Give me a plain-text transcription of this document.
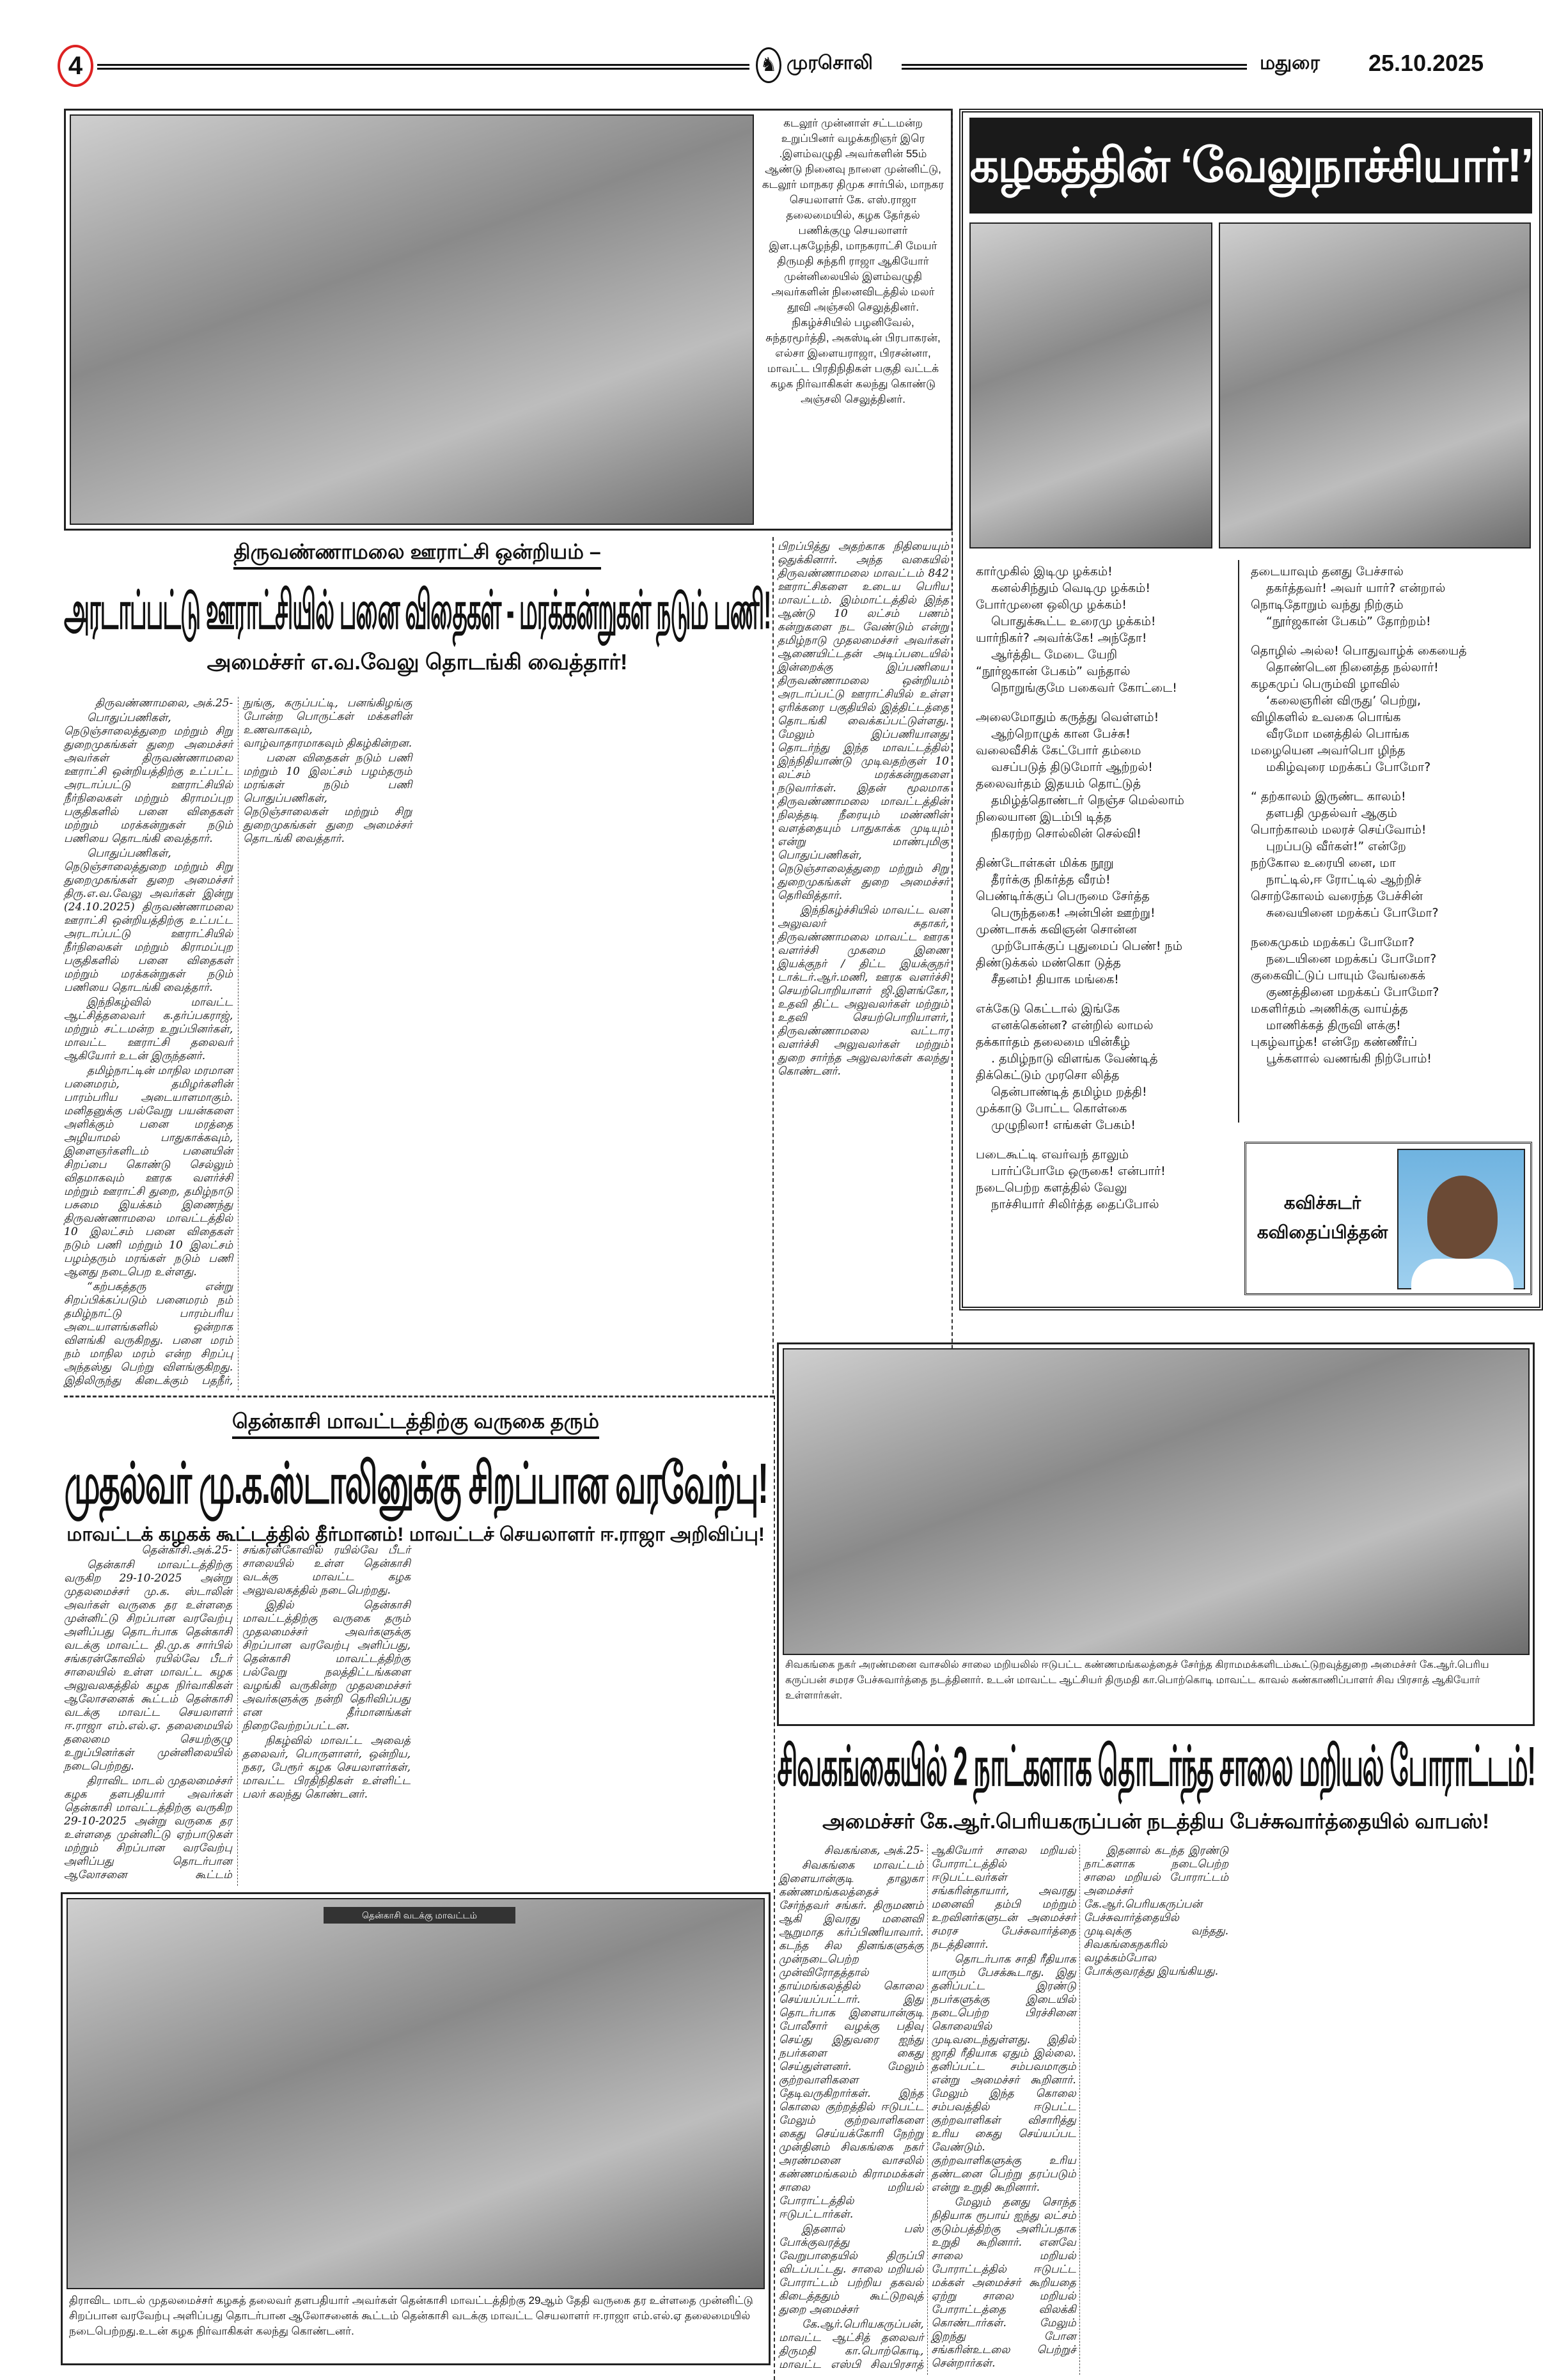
4	♞ முரசொலி	மதுரை 25.10.2025
கடலூர் முன்னாள் சட்டமன்ற உறுப்பினர் வழக்கறிஞர் இரெ .இளம்வழுதி அவர்களின் 55ம் ஆண்டு நினைவு நாளை முன்னிட்டு, கடலூர் மாநகர திமுக சார்பில், மாநகர செயலாளர் கே. எஸ்.ராஜா தலைமையில், கழக தேர்தல் பணிக்குழு செயலாளர் இள.புகழேந்தி, மாநகராட்சி மேயர் திருமதி சுந்தரி ராஜா ஆகியோர் முன்னிலையில் இளம்வழுதி அவர்களின் நினைவிடத்தில் மலர் தூவி அஞ்சலி செலுத்தினர். நிகழ்ச்சியில் பழனிவேல், சுந்தரமூர்த்தி, அகஸ்டின் பிரபாகரன், எல்சா இளையராஜா, பிரசன்னா, மாவட்ட பிரதிநிதிகள் பகுதி வட்டக் கழக நிர்வாகிகள் கலந்து கொண்டு அஞ்சலி செலுத்தினர்.
திருவண்ணாமலை ஊராட்சி ஒன்றியம் –
அரடாப்பட்டு ஊராட்சியில் பனை விதைகள் - மரக்கன்றுகள் நடும் பணி!
அமைச்சர் எ.வ.வேலு தொடங்கி வைத்தார்!

திருவண்ணாமலை, அக்.25-

பொதுப்பணிகள், நெடுஞ்சாலைத்துறை மற்றும் சிறு துறைமுகங்கள் துறை அமைச்சர் அவர்கள் திருவண்ணாமலை ஊராட்சி ஒன்றியத்திற்கு உட்பட்ட அரடாப்பட்டு ஊராட்சியில் நீர்நிலைகள் மற்றும் கிராமப்புற பகுதிகளில் பனை விதைகள் மற்றும் மரக்கன்றுகள் நடும் பணியை தொடங்கி வைத்தார்.

பொதுப்பணிகள், நெடுஞ்சாலைத்துறை மற்றும் சிறு துறைமுகங்கள் துறை அமைச்சர் திரு.எ.வ.வேலு அவர்கள் இன்று (24.10.2025) திருவண்ணாமலை ஊராட்சி ஒன்றியத்திற்கு உட்பட்ட அரடாப்பட்டு ஊராட்சியில் நீர்நிலைகள் மற்றும் கிராமப்புற பகுதிகளில் பனை விதைகள் மற்றும் மரக்கன்றுகள் நடும் பணியை தொடங்கி வைத்தார்.

இந்நிகழ்வில் மாவட்ட ஆட்சித்தலைவர் க.தர்ப்பகராஜ், மற்றும் சட்டமன்ற உறுப்பினர்கள், மாவட்ட ஊராட்சி தலைவர் ஆகியோர் உடன் இருந்தனர்.

தமிழ்நாட்டின் மாநில மரமான பனைமரம், தமிழர்களின் பாரம்பரிய அடையாளமாகும். மனிதனுக்கு பல்வேறு பயன்களை அளிக்கும் பனை மரத்தை அழியாமல் பாதுகாக்கவும், இளைஞர்களிடம் பனையின் சிறப்பை கொண்டு செல்லும் விதமாகவும் ஊரக வளர்ச்சி மற்றும் ஊராட்சி துறை, தமிழ்நாடு பசுமை இயக்கம் இணைந்து திருவண்ணாமலை மாவட்டத்தில் 10 இலட்சம் பனை விதைகள் நடும் பணி மற்றும் 10 இலட்சம் பழம்தரும் மரங்கள் நடும் பணி ஆனது நடைபெற உள்ளது.

“கற்பகத்தரு என்று சிறப்பிக்கப்படும் பனைமரம் நம் தமிழ்நாட்டு பாரம்பரிய அடையாளங்களில் ஒன்றாக விளங்கி வருகிறது. பனை மரம் நம் மாநில மரம் என்ற சிறப்பு அந்தஸ்து பெற்று விளங்குகிறது. இதிலிருந்து கிடைக்கும் பதநீர், நுங்கு, கருப்பட்டி, பனங்கிழங்கு போன்ற பொருட்கள் மக்களின் உணவாகவும், வாழ்வாதாரமாகவும் திகழ்கின்றன.

பனை விதைகள் நடும் பணி மற்றும் 10 இலட்சம் பழம்தரும் மரங்கள் நடும் பணி பொதுப்பணிகள், நெடுஞ்சாலைகள் மற்றும் சிறு துறைமுகங்கள் துறை அமைச்சர் தொடங்கி வைத்தார்.

பிறப்பித்து அதற்காக நிதியையும் ஒதுக்கினார். அந்த வகையில் திருவண்ணாமலை மாவட்டம் 842 ஊராட்சிகளை உடைய பெரிய மாவட்டம். இம்மாட்டத்தில் இந்த ஆண்டு 10 லட்சம் பணம் கன்றுகளை நட வேண்டும் என்று தமிழ்நாடு முதலமைச்சர் அவர்கள் ஆணையிட்டதன் அடிப்படையில் இன்றைக்கு இப்பணியை திருவண்ணாமலை ஒன்றியம் அரடாப்பட்டு ஊராட்சியில் உள்ள ஏரிக்கரை பகுதியில் இத்திட்டத்தை தொடங்கி வைக்கப்பட்டுள்ளது. மேலும் இப்பணியானது தொடர்ந்து இந்த மாவட்டத்தில் இந்நிதியாண்டு முடிவதற்குள் 10 லட்சம் மரக்கன்றுகளை நடுவார்கள். இதன் மூலமாக திருவண்ணாமலை மாவட்டத்தின் நிலத்தடி நீரையும் மண்ணின் வளத்தையும் பாதுகாக்க முடியும் என்று மாண்புமிகு பொதுப்பணிகள், நெடுஞ்சாலைத்துறை மற்றும் சிறு துறைமுகங்கள் துறை அமைச்சர் தெரிவித்தார்.

இந்நிகழ்ச்சியில் மாவட்ட வன அலுவலர் சுதாகர், திருவண்ணாமலை மாவட்ட ஊரக வளர்ச்சி முகமை இணை இயக்குநர் / திட்ட இயக்குநர் டாக்டர்.ஆர்.மணி, ஊரக வளர்ச்சி செயற்பொறியாளர் ஜி.இளங்கோ, உதவி திட்ட அலுவலர்கள் மற்றும் உதவி செயற்பொறியாளர், திருவண்ணாமலை வட்டார வளர்ச்சி அலுவலர்கள் மற்றும் துறை சார்ந்த அலுவலர்கள் கலந்து கொண்டனர்.

கழகத்தின் ‘வேலுநாச்சியார்!’
கார்முகில் இடிமு ழக்கம்!
கனல்சிந்தும் வெடிமு ழக்கம்!
போர்முனை ஒலிமு ழக்கம்!
பொதுக்கூட்ட உரைமு ழக்கம்!
யார்நிகர்? அவர்க்கே! அந்தோ!
ஆர்த்திட மேடை யேறி
“நூர்ஜகான் பேகம்” வந்தால்
நொறுங்குமே பகைவர் கோட்டை!
அலைமோதும் கருத்து வெள்ளம்!
ஆற்றொழுக் கான பேச்சு!
வலைவீசிக் கேட்போர் தம்மை
வசப்படுத் திடுமோர் ஆற்றல்!
தலைவர்தம் இதயம் தொட்டுத்
தமிழ்த்தொண்டர் நெஞ்ச மெல்லாம்
நிலையான இடம்பி டித்த
நிகரற்ற சொல்லின் செல்வி!
திண்டோள்கள் மிக்க நூறு
தீரர்க்கு நிகர்த்த வீரம்!
பெண்டிர்க்குப் பெருமை சேர்த்த
பெருந்தகை! அன்பின் ஊற்று!
முண்டாசுக் கவிஞன் சொன்ன
முற்போக்குப் புதுமைப் பெண்! நம்
திண்டுக்கல் மண்கொ டுத்த
சீதனம்! தியாக மங்கை!
எக்கேடு கெட்டால் இங்கே
எனக்கென்ன? என்றில் லாமல்
தக்கார்தம் தலைமை யின்கீழ்
. தமிழ்நாடு விளங்க வேண்டித்
திக்கெட்டும் முரசொ லித்த
தென்பாண்டித் தமிழ்ம றத்தி!
முக்காடு போட்ட கொள்கை
முழுநிலா! எங்கள் பேகம்!
படைகூட்டி எவர்வந் தாலும்
பார்ப்போமே ஒருகை! என்பார்!
நடைபெற்ற களத்தில் வேலு
நாச்சியார் சிலிர்த்த தைப்போல்
தடையாவும் தனது பேச்சால்
தகர்த்தவர்! அவர் யார்? என்றால்
நொடிதோறும் வந்து நிற்கும்
“நூர்ஜகான் பேகம்” தோற்றம்!
தொழில் அல்ல! பொதுவாழ்க் கையைத்
தொண்டென நினைத்த நல்லார்!
கழகமுப் பெரும்வி ழாவில்
‘கலைஞரின் விருது’ பெற்று,
விழிகளில் உவகை பொங்க
வீரமோ மனத்தில் பொங்க
மழையென அவர்பொ ழிந்த
மகிழ்வுரை மறக்கப் போமோ?
“ தற்காலம் இருண்ட காலம்!
தளபதி முதல்வர் ஆகும்
பொற்காலம் மலரச் செய்வோம்!
புறப்படு வீர்கள்!” என்றே
நற்கோல உரையி னை, மா
நாட்டில்,ஈ ரோட்டில் ஆற்றிச்
சொற்கோலம் வரைந்த பேச்சின்
சுவையினை மறக்கப் போமோ?
நகைமுகம் மறக்கப் போமோ?
நடையினை மறக்கப் போமோ?
குகைவிட்டுப் பாயும் வேங்கைக்
குணத்தினை மறக்கப் போமோ?
மகளிர்தம் அணிக்கு வாய்த்த
மாணிக்கத் திருவி ளக்கு!
புகழ்வாழ்க! என்றே கண்ணீர்ப்
பூக்களால் வணங்கி நிற்போம்!
கவிச்சுடர்
கவிதைப்பித்தன்
தென்காசி மாவட்டத்திற்கு வருகை தரும்
முதல்வர் மு.க.ஸ்டாலினுக்கு சிறப்பான வரவேற்பு!
மாவட்டக் கழகக் கூட்டத்தில் தீர்மானம்! மாவட்டச் செயலாளர் ஈ.ராஜா அறிவிப்பு!

தென்காசி.அக்.25-

தென்காசி மாவட்டத்திற்கு வருகிற 29-10-2025 அன்று முதலமைச்சர் மு.க. ஸ்டாலின் அவர்கள் வருகை தர உள்ளதை முன்னிட்டு சிறப்பான வரவேற்பு அளிப்பது தொடர்பாக தென்காசி வடக்கு மாவட்ட தி.மு.க சார்பில் சங்கரன்கோவில் ரயில்வே பீடர் சாலையில் உள்ள மாவட்ட கழக அலுவலகத்தில் கழக நிர்வாகிகள் ஆலோசனைக் கூட்டம் தென்காசி வடக்கு மாவட்ட செயலாளர் ஈ.ராஜா எம்.எல்.ஏ. தலைமையில் தலைமை செயற்குழு உறுப்பினர்கள் முன்னிலையில் நடைபெற்றது.

திராவிட மாடல் முதலமைச்சர் கழக தளபதியார் அவர்கள் தென்காசி மாவட்டத்திற்கு வருகிற 29-10-2025 அன்று வருகை தர உள்ளதை முன்னிட்டு ஏற்பாடுகள் மற்றும் சிறப்பான வரவேற்பு அளிப்பது தொடர்பான ஆலோசனை கூட்டம் சங்கரன்கோவில் ரயில்வே பீடர் சாலையில் உள்ள தென்காசி வடக்கு மாவட்ட கழக அலுவலகத்தில் நடைபெற்றது.

இதில் தென்காசி மாவட்டத்திற்கு வருகை தரும் முதலமைச்சர் அவர்களுக்கு சிறப்பான வரவேற்பு அளிப்பது, தென்காசி மாவட்டத்திற்கு பல்வேறு நலத்திட்டங்களை வழங்கி வருகின்ற முதலமைச்சர் அவர்களுக்கு நன்றி தெரிவிப்பது என தீர்மானங்கள் நிறைவேற்றப்பட்டன.

நிகழ்வில் மாவட்ட அவைத் தலைவர், பொருளாளர், ஒன்றிய, நகர, பேரூர் கழக செயலாளர்கள், மாவட்ட பிரதிநிதிகள் உள்ளிட்ட பலர் கலந்து கொண்டனர்.

தென்காசி வடக்கு மாவட்டம்
திராவிட மாடல் முதலமைச்சர் கழகத் தலைவர் தளபதியார் அவர்கள் தென்காசி மாவட்டத்திற்கு 29ஆம் தேதி வருகை தர உள்ளதை முன்னிட்டு சிறப்பான வரவேற்பு அளிப்பது தொடர்பான ஆலோசனைக் கூட்டம் தென்காசி வடக்கு மாவட்ட செயலாளர் ஈ.ராஜா எம்.எல்.ஏ தலைமையில் நடைபெற்றது.உடன் கழக நிர்வாகிகள் கலந்து கொண்டனர்.
சிவகங்கை நகர் அரண்மனை வாசலில் சாலை மறியலில் ஈடுபட்ட கண்ணமங்கலத்தைச் சேர்ந்த கிராமமக்களிடம்கூட்டுறவுத்துறை அமைச்சர் கே.ஆர்.பெரிய கருப்பன் சமரச பேச்சுவார்த்தை நடத்தினார். உடன் மாவட்ட ஆட்சியர் திருமதி கா.பொற்கொடி மாவட்ட காவல் கண்காணிப்பாளர் சிவ பிரசாத் ஆகியோர் உள்ளார்கள்.
சிவகங்கையில் 2 நாட்களாக தொடர்ந்த சாலை மறியல் போராட்டம்!
அமைச்சர் கே.ஆர்.பெரியகருப்பன் நடத்திய பேச்சுவார்த்தையில் வாபஸ்!

சிவகங்கை, அக்.25-

சிவகங்கை மாவட்டம் இளையான்குடி தாலுகா கண்ணமங்கலத்தைச் சேர்ந்தவர் சங்கர். திருமணம் ஆகி இவரது மனைவி ஆறுமாத கர்ப்பிணியாவார். கடந்த சில தினங்களுக்கு முன்நடைபெற்ற முன்விரோதத்தால் தாய்மங்கலத்தில் கொலை செய்யப்பட்டார். இது தொடர்பாக இளையான்குடி போலீசார் வழக்கு பதிவு செய்து இதுவரை ஐந்து நபர்களை கைது செய்துள்ளனர். மேலும் குற்றவாளிகளை தேடிவருகிறார்கள். இந்த கொலை குற்றத்தில் ஈடுபட்ட மேலும் குற்றவாளிகளை கைது செய்யக்கோரி நேற்று முன்தினம் சிவகங்கை நகர் அரண்மனை வாசலில் கண்ணமங்கலம் கிராமமக்கள் சாலை மறியல் போராட்டத்தில் ஈடுபட்டார்கள்.

இதனால் பஸ் போக்குவரத்து வேறுபாதையில் திருப்பி விடப்பட்டது. சாலை மறியல் போராட்டம் பற்றிய தகவல் கிடைத்ததும் கூட்டுறவுத் துறை அமைச்சர்

கே.ஆர்.பெரியகருப்பன், மாவட்ட ஆட்சித் தலைவர் திருமதி கா.பொற்கொடி, மாவட்ட எஸ்பி சிவபிரசாத் ஆகியோர் சாலை மறியல் போராட்டத்தில் ஈடுபட்டவர்கள் சங்கரின்தாயார், அவரது மனைவி தம்பி மற்றும் உறவினர்களுடன் அமைச்சர் சமரச பேச்சுவார்த்தை நடத்தினார்.

தொடர்பாக சாதி ரீதியாக யாரும் பேசக்கூடாது. இது தனிப்பட்ட இரண்டு நபர்களுக்கு இடையில் நடைபெற்ற பிரச்சினை கொலையில் முடிவடைந்துள்ளது. இதில் ஜாதி ரீதியாக ஏதும் இல்லை. தனிப்பட்ட சம்பவமாகும் என்று அமைச்சர் கூறினார். மேலும் இந்த கொலை சம்பவத்தில் ஈடுபட்ட குற்றவாளிகள் விசாரித்து உரிய கைது செய்யப்பட வேண்டும். குற்றவாளிகளுக்கு உரிய தண்டனை பெற்று தரப்படும் என்று உறுதி கூறினார்.

மேலும் தனது சொந்த நிதியாக ரூபாய் ஐந்து லட்சம் குடும்பத்திற்கு அளிப்பதாக உறுதி கூறினார். எனவே சாலை மறியல் போராட்டத்தில் ஈடுபட்ட மக்கள் அமைச்சர் கூறியதை ஏற்று சாலை மறியல் போராட்டத்தை விலக்கி கொண்டார்கள். மேலும் இறந்து போன சங்கரின்உடலை பெற்றுச் சென்றார்கள்.

இதனால் கடந்த இரண்டு நாட்களாக நடைபெற்ற சாலை மறியல் போராட்டம் அமைச்சர் கே.ஆர்.பெரியகருப்பன் பேச்சுவார்த்தையில் முடிவுக்கு வந்தது. சிவகங்கைநகரில் வழக்கம்போல போக்குவரத்து இயங்கியது.
